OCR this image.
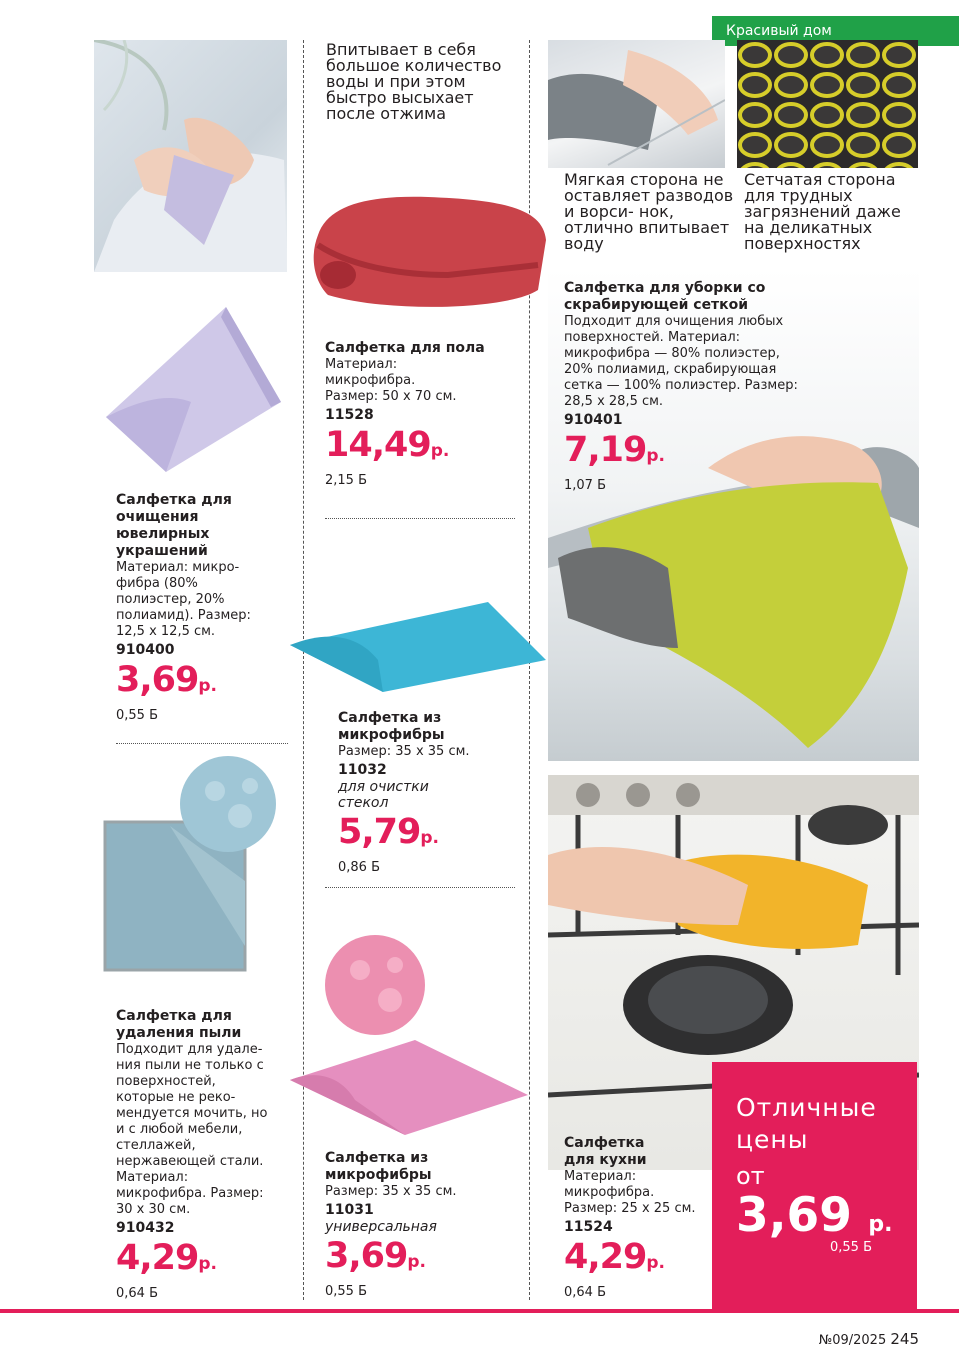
Красивый дом
Салфетка для очищения ювелирных украшений
Материал: микро- фибра (80% полиэстер, 20% полиамид). Размер: 12,5 х 12,5 см.
910400
3,69р.
0,55 Б
Салфетка для удаления пыли
Подходит для удале- ния пыли не только с поверхностей, которые не реко- мендуется мочить, но и с любой мебели, стеллажей, нержавеющей стали. Материал: микрофибра. Размер: 30 х 30 см.
910432
4,29р.
0,64 Б
Впитывает в себя большое количество воды и при этом быстро высыхает после отжима
Салфетка для пола
Материал: микрофибра. Размер: 50 х 70 см.
11528
14,49р.
2,15 Б
Салфетка из микрофибры
Размер: 35 х 35 см.
11032
для очистки стекол
5,79р.
0,86 Б
Салфетка из микрофибры
Размер: 35 х 35 см.
11031
универсальная
3,69р.
0,55 Б
Мягкая сторона не оставляет разводов и ворси- нок, отлично впитывает воду
Сетчатая сторона для трудных загрязнений даже на деликатных поверхностях
Салфетка для уборки со скрабирующей сеткой
Подходит для очищения любых поверхностей. Материал: микрофибра — 80% полиэстер, 20% полиамид, скрабирующая сетка — 100% полиэстер. Размер: 28,5 х 28,5 см.
910401
7,19р.
1,07 Б
Салфетка для кухни
Материал: микрофибра. Размер: 25 х 25 см.
11524
4,29р.
0,64 Б
Отличные цены
от
3,69 р.
0,55 Б
№09/2025 245
